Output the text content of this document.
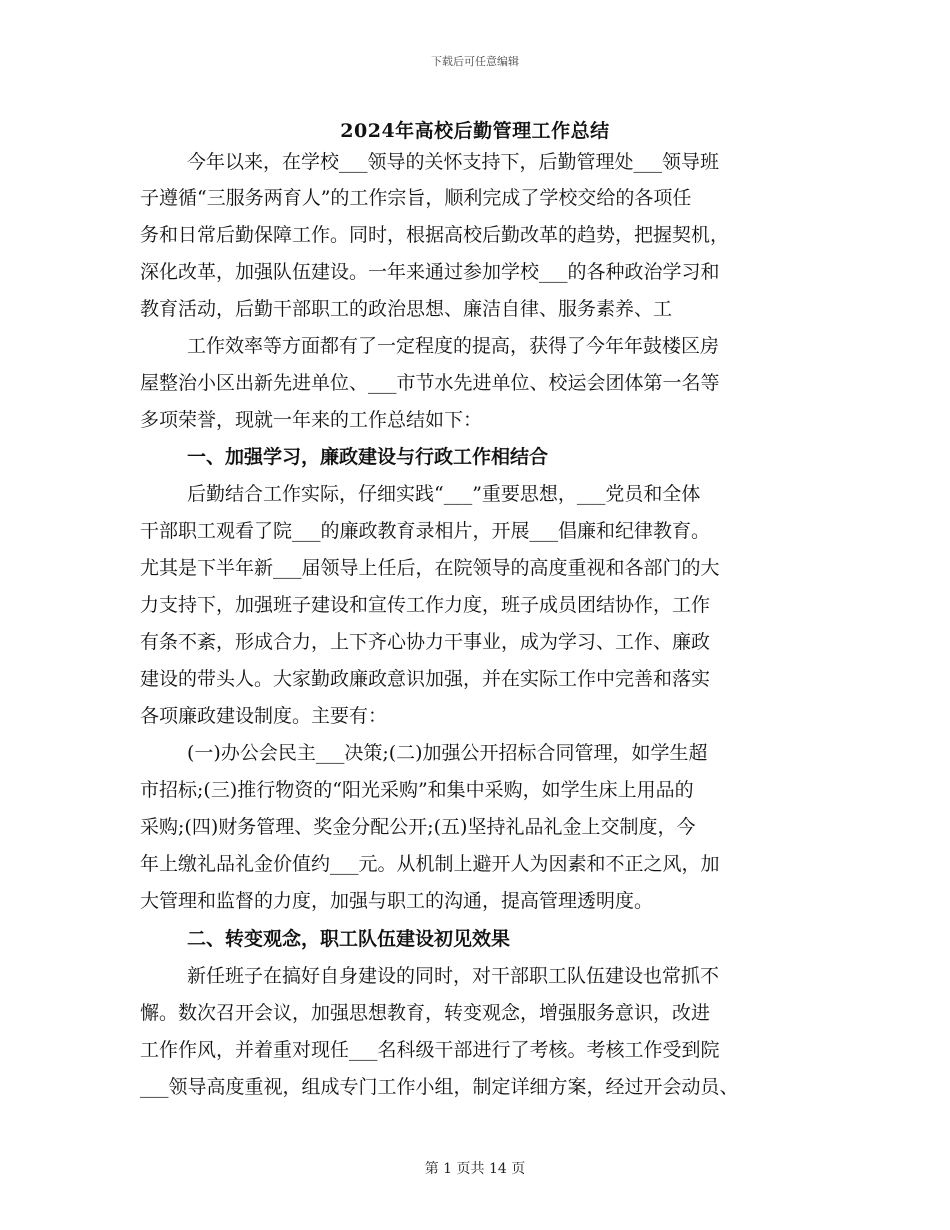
下载后可任意编辑
2024年高校后勤管理工作总结
今年以来，在学校___领导的关怀支持下，后勤管理处___领导班
子遵循“三服务两育人”的工作宗旨，顺利完成了学校交给的各项任
务和日常后勤保障工作。同时，根据高校后勤改革的趋势，把握契机，
深化改革，加强队伍建设。一年来通过参加学校___的各种政治学习和
教育活动，后勤干部职工的政治思想、廉洁自律、服务素养、工
工作效率等方面都有了一定程度的提高，获得了今年年鼓楼区房
屋整治小区出新先进单位、___市节水先进单位、校运会团体第一名等
多项荣誉，现就一年来的工作总结如下：
一、加强学习，廉政建设与行政工作相结合
后勤结合工作实际，仔细实践“___”重要思想，___党员和全体
干部职工观看了院___的廉政教育录相片，开展___倡廉和纪律教育。
尤其是下半年新___届领导上任后，在院领导的高度重视和各部门的大
力支持下，加强班子建设和宣传工作力度，班子成员团结协作，工作
有条不紊，形成合力，上下齐心协力干事业，成为学习、工作、廉政
建设的带头人。大家勤政廉政意识加强，并在实际工作中完善和落实
各项廉政建设制度。主要有：
(一)办公会民主___决策;(二)加强公开招标合同管理，如学生超
市招标;(三)推行物资的“阳光采购”和集中采购，如学生床上用品的
采购;(四)财务管理、奖金分配公开;(五)坚持礼品礼金上交制度，今
年上缴礼品礼金价值约___元。从机制上避开人为因素和不正之风，加
大管理和监督的力度，加强与职工的沟通，提高管理透明度。
二、转变观念，职工队伍建设初见效果
新任班子在搞好自身建设的同时，对干部职工队伍建设也常抓不
懈。数次召开会议，加强思想教育，转变观念，增强服务意识，改进
工作作风，并着重对现任___名科级干部进行了考核。考核工作受到院
___领导高度重视，组成专门工作小组，制定详细方案，经过开会动员、
第 1 页共 14 页
